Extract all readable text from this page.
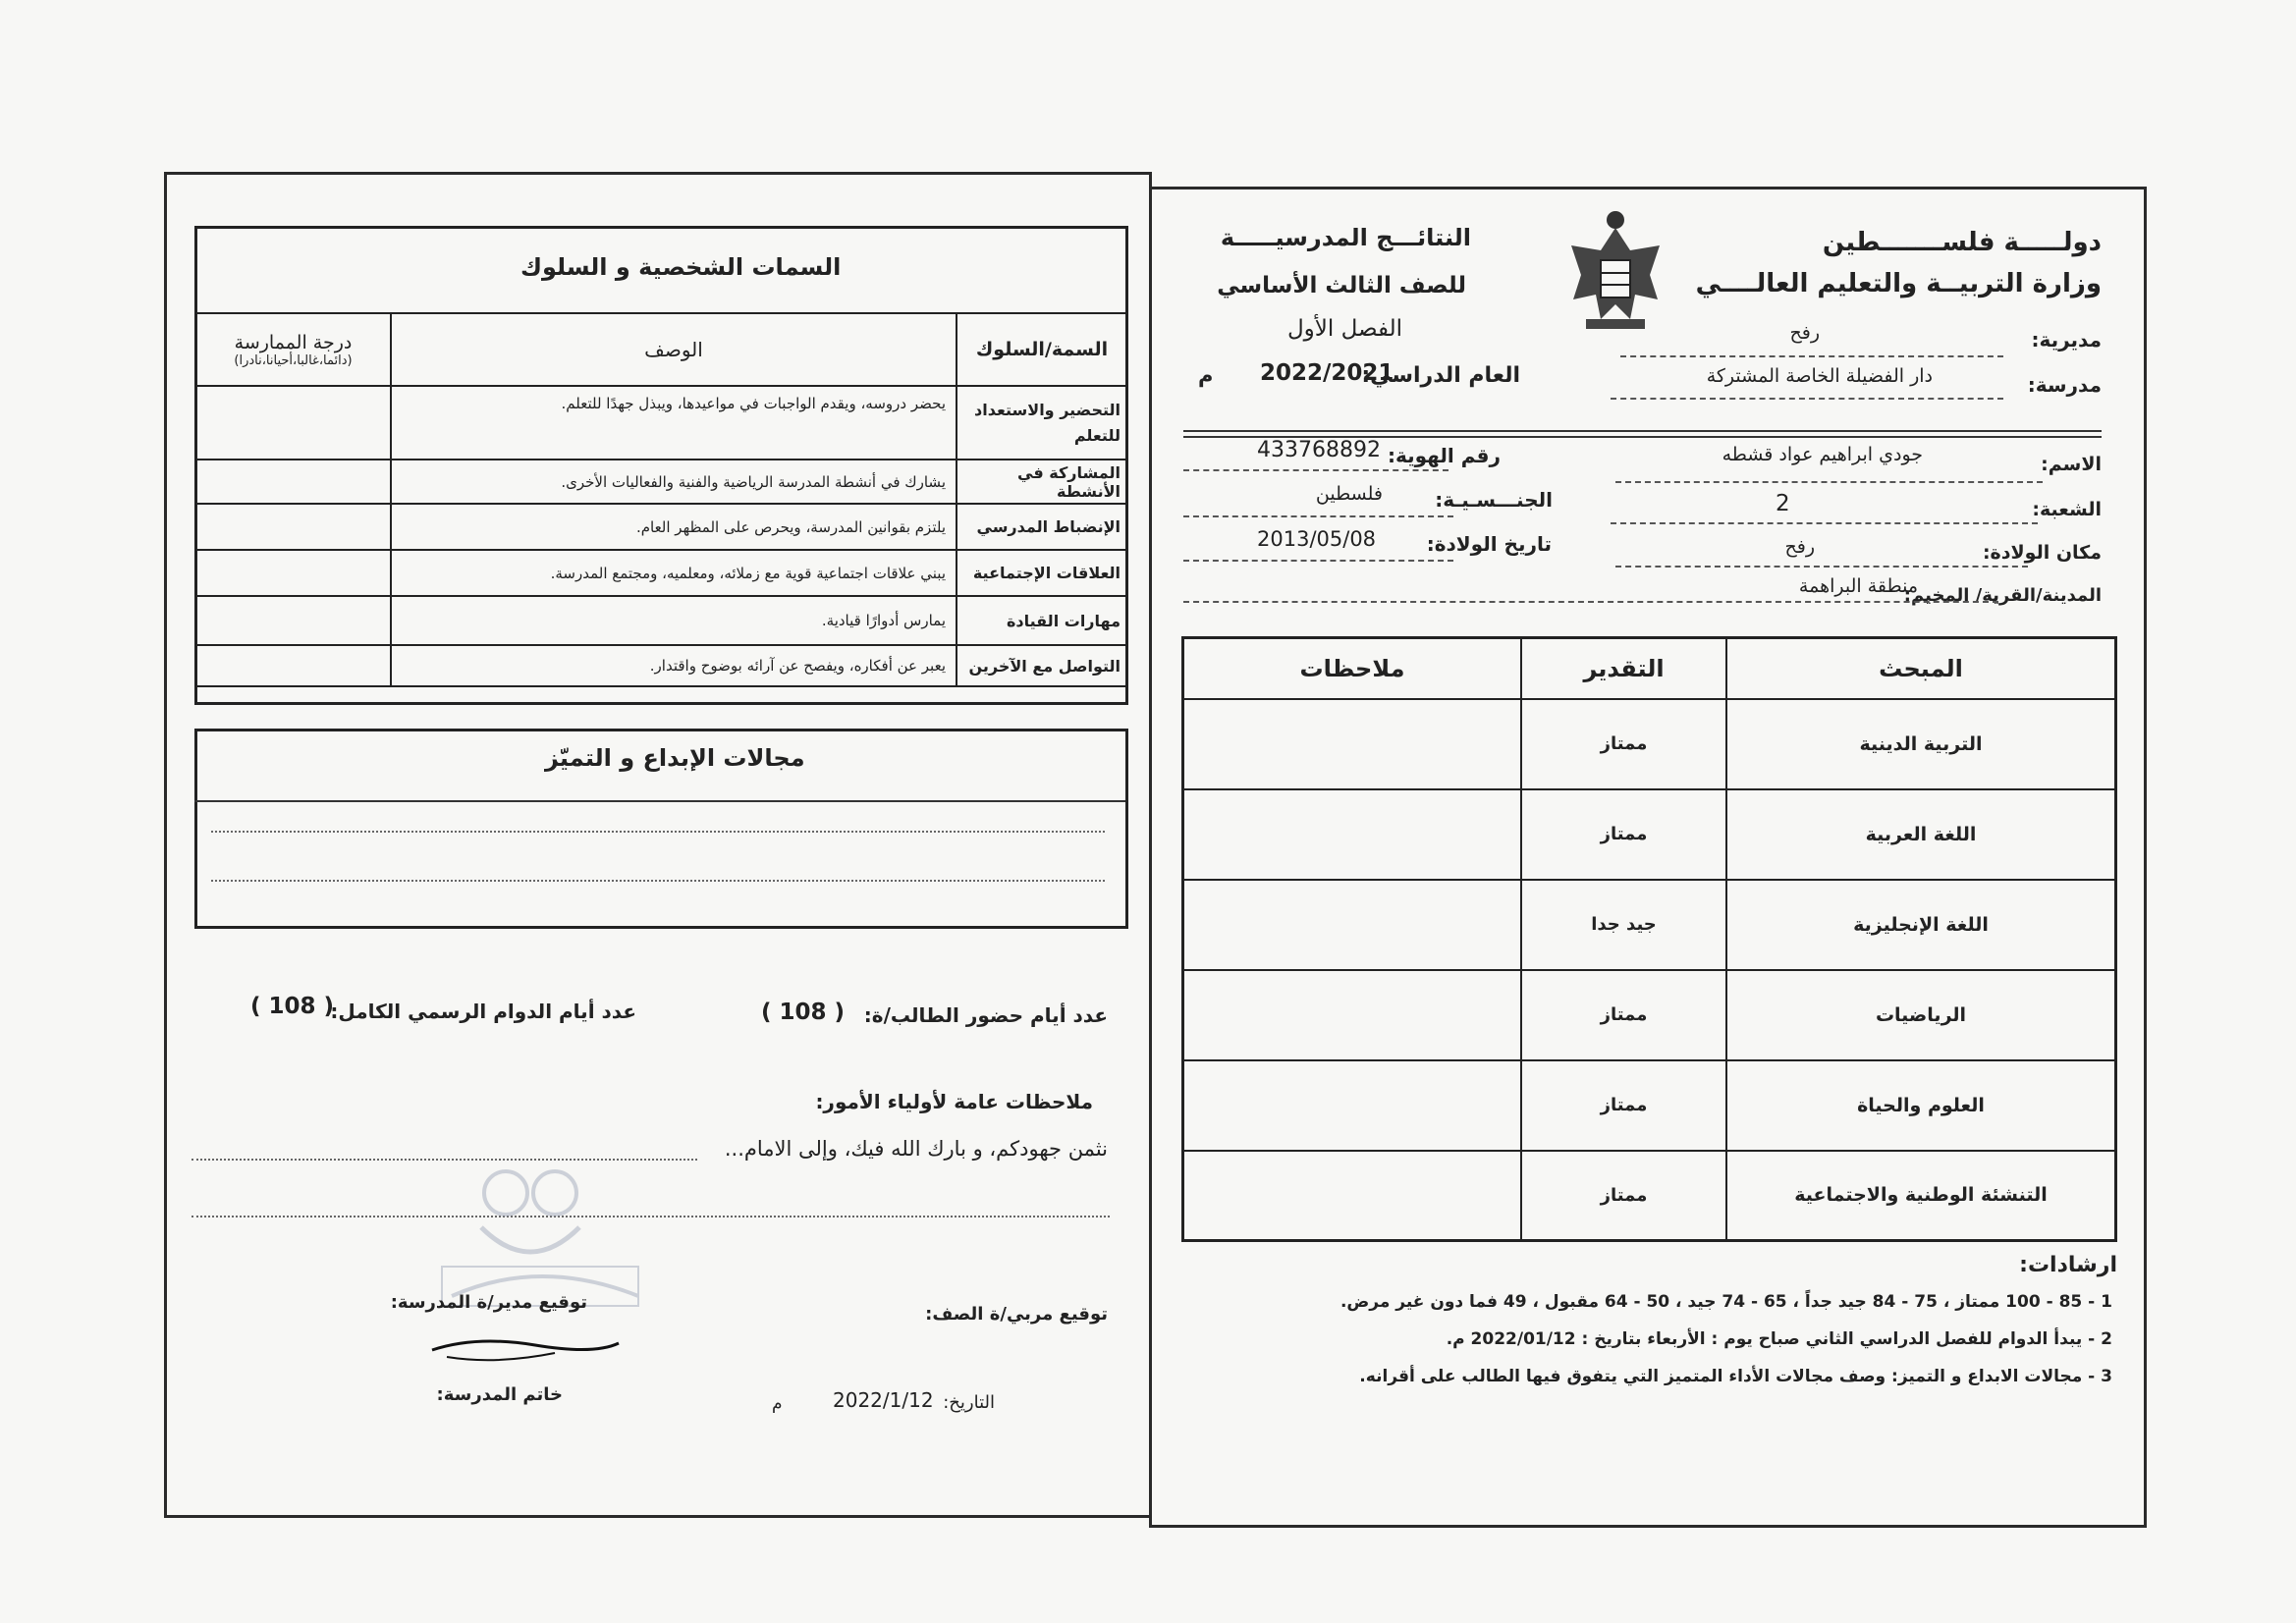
دولـــــة فلســـــــطين
وزارة التربيــة والتعليم العالــــي
النتائـــج المدرسيـــــة
للصف الثالث الأساسي
الفصل الأول
العام الدراسي:
2022/2021
م
مديرية:
رفح
مدرسة:
دار الفضيلة الخاصة المشتركة
الاسم:
جودي ابراهيم عواد قشطه
رقم الهوية:
433768892
الشعبة:
2
الجنـــسـيـة:
فلسطين
مكان الولادة:
رفح
تاريخ الولادة:
2013/05/08
المدينة/القرية/ المخيم:
منطقة البراهمة
ملاحظات	التقدير	المبحث
	ممتاز	التربية الدينية
	ممتاز	اللغة العربية
	جيد جدا	اللغة الإنجليزية
	ممتاز	الرياضيات
	ممتاز	العلوم والحياة
	ممتاز	التنشئة الوطنية والاجتماعية
ارشادات:
1 - 85 - 100 ممتاز ، 75 - 84 جيد جداً ، 65 - 74 جيد ، 50 - 64 مقبول ، 49 فما دون غير مرض.
2 - يبدأ الدوام للفصل الدراسي الثاني صباح يوم : الأربعاء بتاريخ : 2022/01/12 م.
3 - مجالات الابداع و التميز: وصف مجالات الأداء المتميز التي يتفوق فيها الطالب على أقرانه.
السمات الشخصية و السلوك
درجة الممارسة
(دائما،غالبا،أحيانا،نادرا)	الوصف	السمة/السلوك
	يحضر دروسه، ويقدم الواجبات في مواعيدها، ويبذل جهدًا للتعلم.	التحضير والاستعداد للتعلم
	يشارك في أنشطة المدرسة الرياضية والفنية والفعاليات الأخرى.	المشاركة في الأنشطة
	يلتزم بقوانين المدرسة، ويحرص على المظهر العام.	الإنضباط المدرسي
	يبني علاقات اجتماعية قوية مع زملائه، ومعلميه، ومجتمع المدرسة.	العلاقات الإجتماعية
	يمارس أدوارًا قيادية.	مهارات القيادة
	يعبر عن أفكاره، ويفصح عن آرائه بوضوح واقتدار.	التواصل مع الآخرين
مجالات الإبداع و التميّز
عدد أيام حضور الطالب/ة:
( 108 )
عدد أيام الدوام الرسمي الكامل:
( 108 )
ملاحظات عامة لأولياء الأمور:
نثمن جهودكم، و بارك الله فيك، وإلى الامام...
توقيع مربي/ة الصف:
توقيع مدير/ة المدرسة:
خاتم المدرسة:	التاريخ:
2022/1/12
م
